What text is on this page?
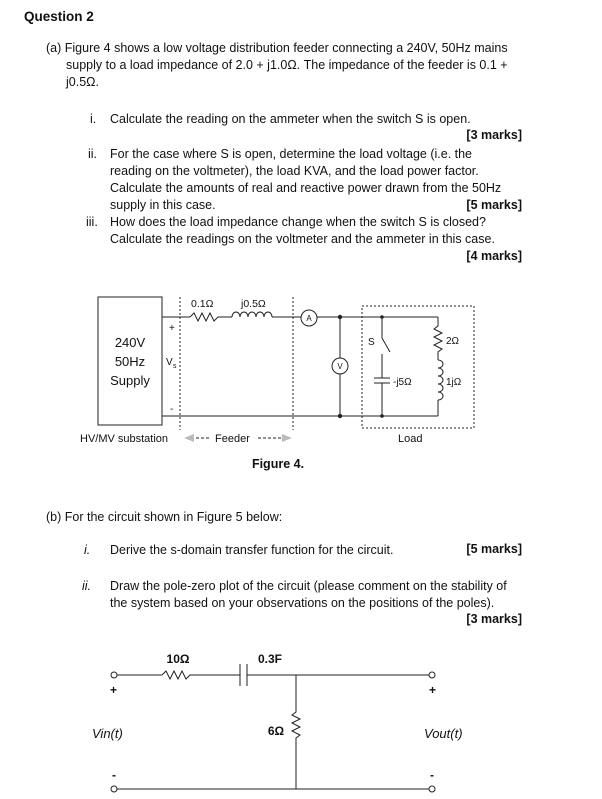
Question 2
(a) Figure 4 shows a low voltage distribution feeder connecting a 240V, 50Hz mains
supply to a load impedance of 2.0 + j1.0Ω. The impedance of the feeder is 0.1 +
j0.5Ω.
i. Calculate the reading on the ammeter when the switch S is open.
[3 marks]
ii. For the case where S is open, determine the load voltage (i.e. the
reading on the voltmeter), the load KVA, and the load power factor.
Calculate the amounts of real and reactive power drawn from the 50Hz
supply in this case.	[5 marks]
iii. How does the load impedance change when the switch S is closed?
Calculate the readings on the voltmeter and the ammeter in this case.
[4 marks]
(b) For the circuit shown in Figure 5 below:
i. Derive the s-domain transfer function for the circuit.	[5 marks]
ii. Draw the pole-zero plot of the circuit (please comment on the stability of
the system based on your observations on the positions of the poles).
[3 marks]
240V
50Hz
Supply
+
-
V s
0.1Ω	j0.5Ω
A
V
S
-j5Ω
2Ω
1jΩ
HV/MV substation	Feeder	Load
Figure 4.
10Ω	0.3F
6Ω
+	+
-	-
Vin(t)	Vout(t)
